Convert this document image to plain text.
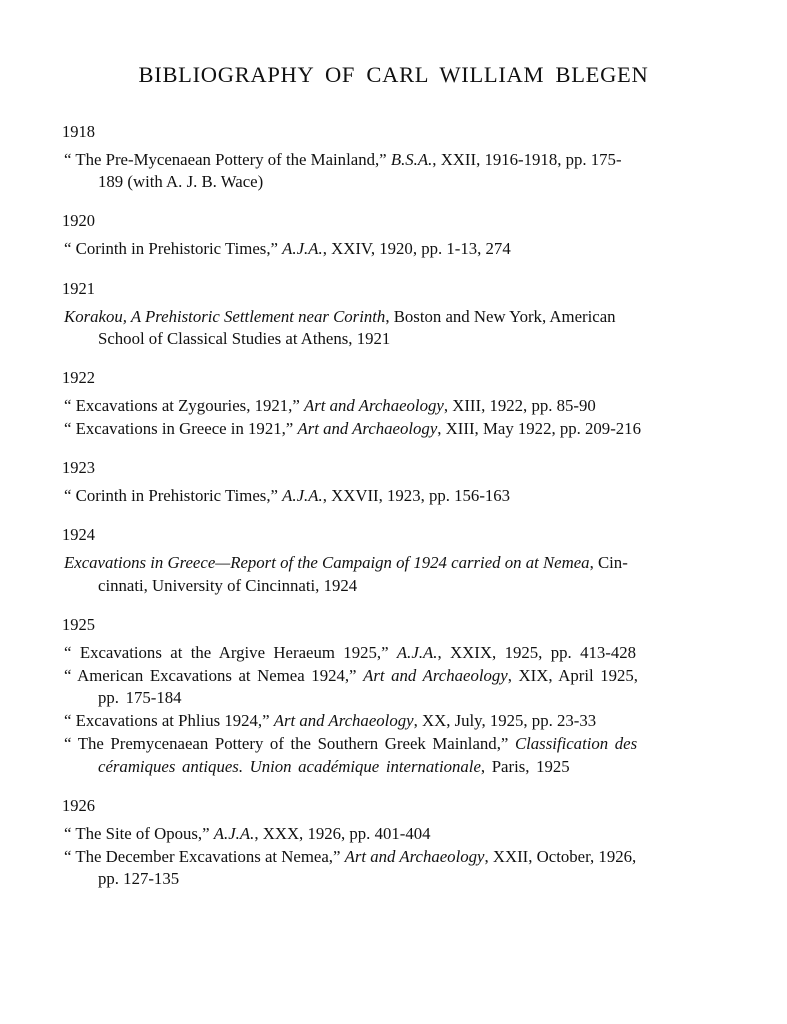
BIBLIOGRAPHY OF CARL WILLIAM BLEGEN
1918
“ The Pre-Mycenaean Pottery of the Mainland,” B.S.A., XXII, 1916-1918, pp. 175-
189 (with A. J. B. Wace)
1920
“ Corinth in Prehistoric Times,” A.J.A., XXIV, 1920, pp. 1-13, 274
1921
Korakou, A Prehistoric Settlement near Corinth, Boston and New York, American
School of Classical Studies at Athens, 1921
1922
“ Excavations at Zygouries, 1921,” Art and Archaeology, XIII, 1922, pp. 85-90
“ Excavations in Greece in 1921,” Art and Archaeology, XIII, May 1922, pp. 209-216
1923
“ Corinth in Prehistoric Times,” A.J.A., XXVII, 1923, pp. 156-163
1924
Excavations in Greece—Report of the Campaign of 1924 carried on at Nemea, Cin-
cinnati, University of Cincinnati, 1924
1925
“ Excavations at the Argive Heraeum 1925,” A.J.A., XXIX, 1925, pp. 413-428
“ American Excavations at Nemea 1924,” Art and Archaeology, XIX, April 1925,
pp. 175-184
“ Excavations at Phlius 1924,” Art and Archaeology, XX, July, 1925, pp. 23-33
“ The Premycenaean Pottery of the Southern Greek Mainland,” Classification des
céramiques antiques. Union académique internationale, Paris, 1925
1926
“ The Site of Opous,” A.J.A., XXX, 1926, pp. 401-404
“ The December Excavations at Nemea,” Art and Archaeology, XXII, October, 1926,
pp. 127-135
